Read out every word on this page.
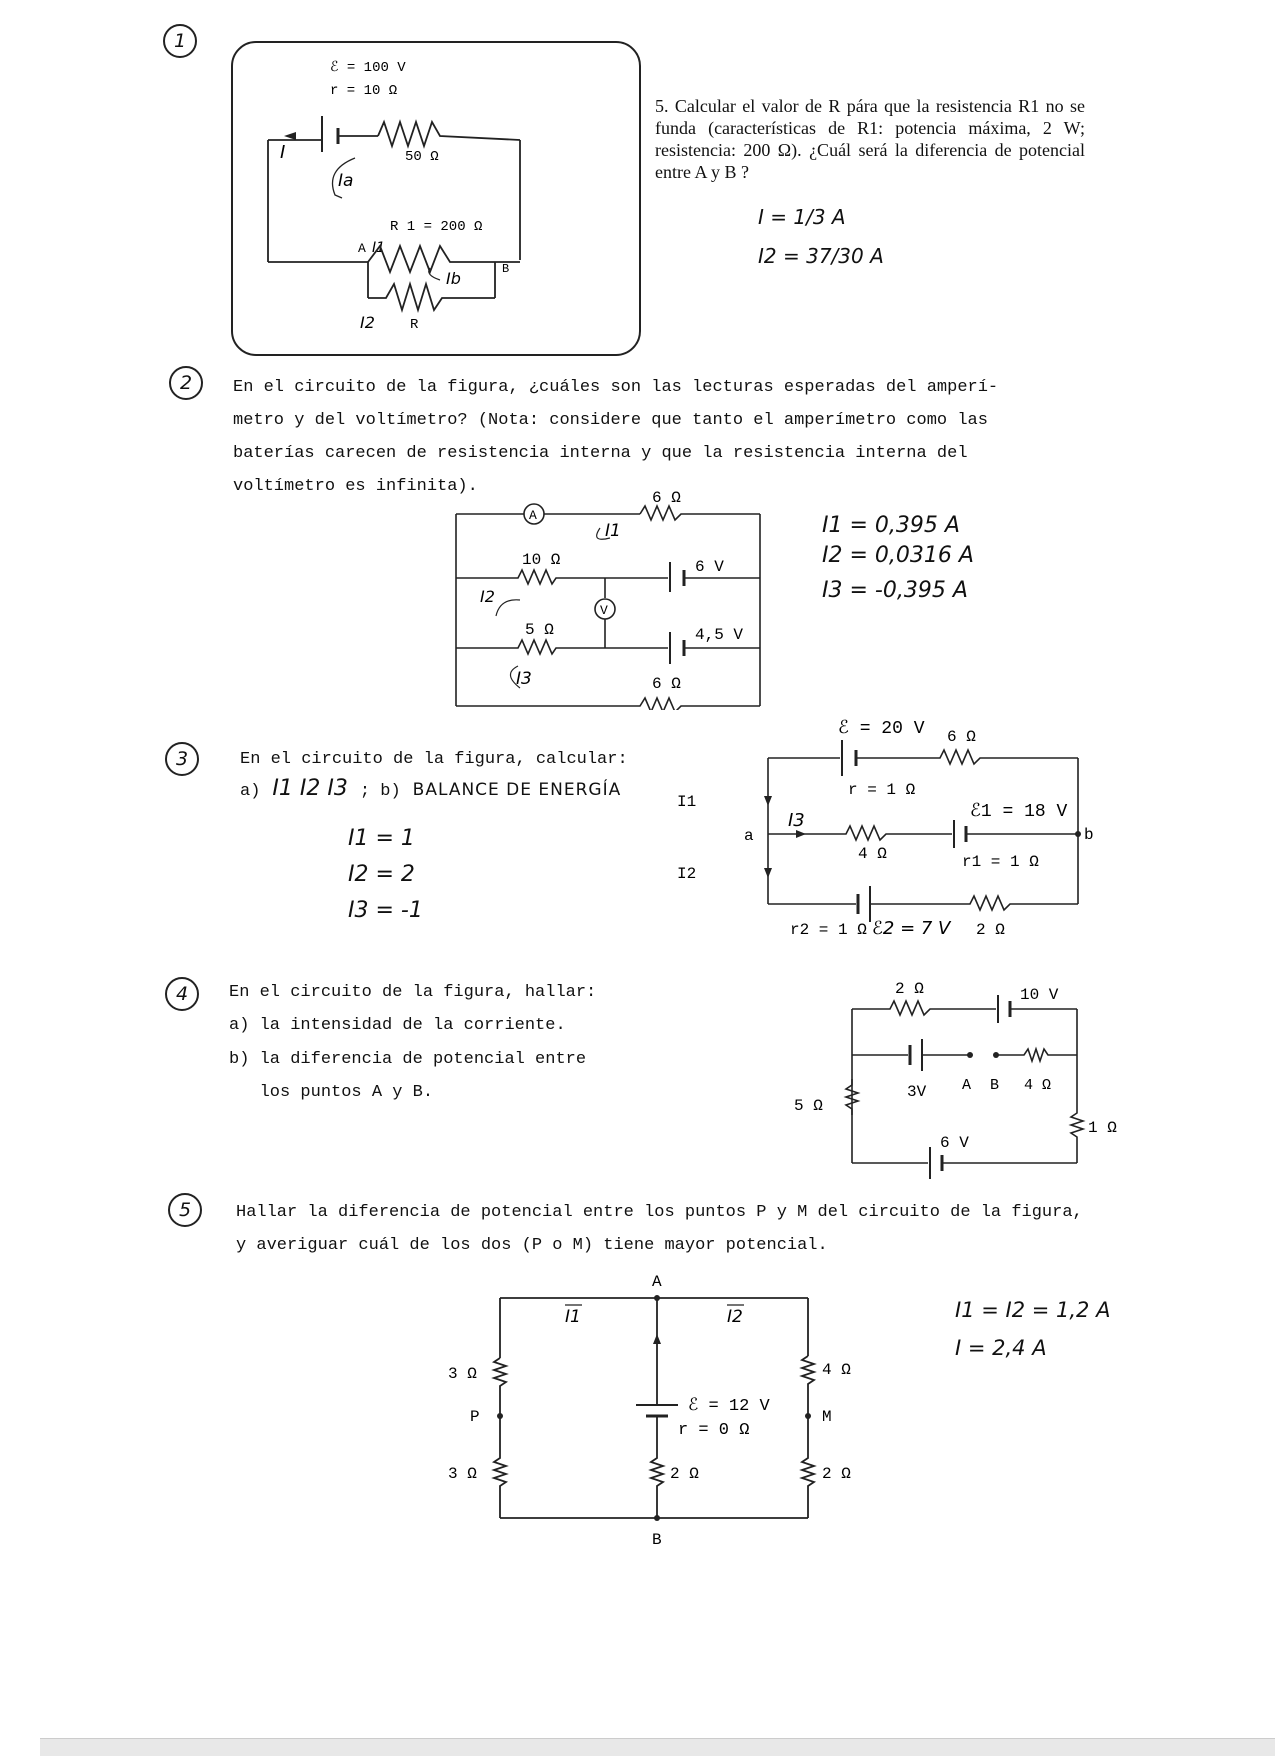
1
ℰ = 100 V
r = 10 Ω
I	50 Ω
Ia
R 1 = 200 Ω
A I1
Ib	B
I2	R
5. Calcular el valor de R pára que la resistencia R1 no se funda (características de R1: potencia máxima, 2 W; resistencia: 200 Ω). ¿Cuál será la diferencia de potencial entre A y B ?
I = 1/3 A
I2 = 37/30 A
2	En el circuito de la figura, ¿cuáles son las lecturas esperadas del amperí-
metro y del voltímetro? (Nota: considere que tanto el amperímetro como las
baterías carecen de resistencia interna y que la resistencia interna del
voltímetro es infinita).
A
6 Ω
I1
10 Ω	6 V
I2
V
5 Ω	4,5 V
I3	6 Ω
I1 = 0,395 A
I2 = 0,0316 A
I3 = -0,395 A
3	En el circuito de la figura, calcular:
a) I1 I2 I3 ; b) BALANCE DE ENERGÍA
I1 = 1
I2 = 2
I3 = -1
ℰ = 20 V 6 Ω
r = 1 Ω
I3
a	b
ℰ1 = 18 V
4 Ω	r1 = 1 Ω
I1
I2
r2 = 1 Ω ℰ2 = 7 V 2 Ω
4	En el circuito de la figura, hallar:
a) la intensidad de la corriente.
b) la diferencia de potencial entre
los puntos A y B.
2 Ω	10 V
3V A B 4 Ω
5 Ω
1 Ω
6 V
5	Hallar la diferencia de potencial entre los puntos P y M del circuito de la figura,
y averiguar cuál de los dos (P o M) tiene mayor potencial.
I1 = I2 = 1,2 A
I = 2,4 A
A
I1	I2
3 Ω
P
3 Ω
B
ℰ = 12 V
r = 0 Ω
2 Ω
4 Ω
M
2 Ω
